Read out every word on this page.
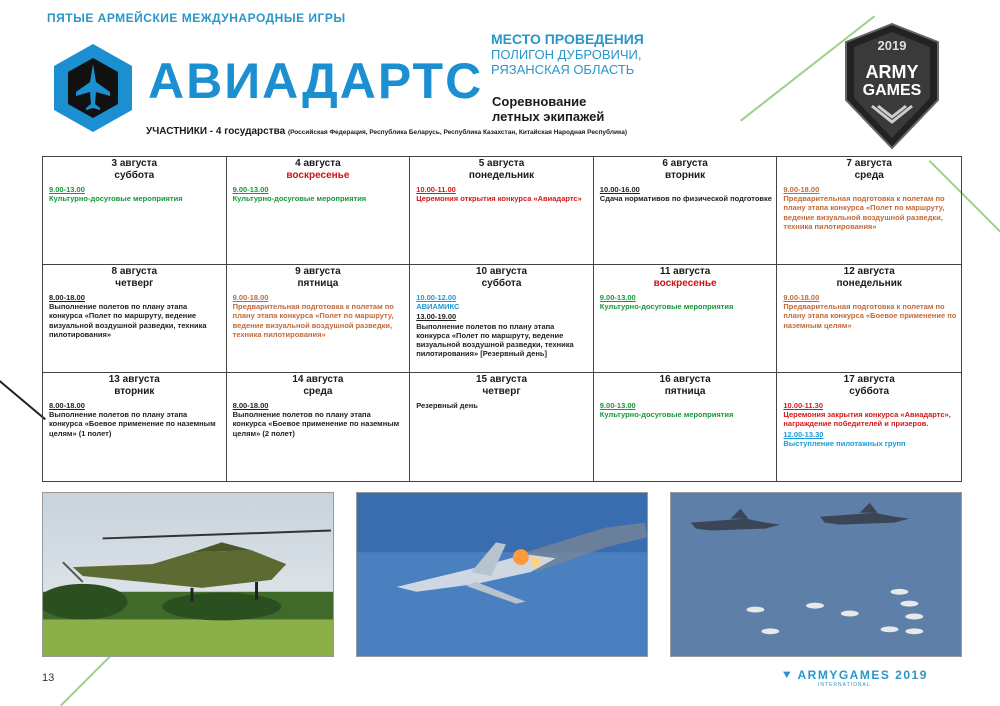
ПЯТЫЕ АРМЕЙСКИЕ МЕЖДУНАРОДНЫЕ ИГРЫ
АВИАДАРТС
МЕСТО ПРОВЕДЕНИЯ
ПОЛИГОН ДУБРОВИЧИ,
РЯЗАНСКАЯ ОБЛАСТЬ
Соревнование
летных экипажей
УЧАСТНИКИ - 4 государства (Российская Федерация, Республика Беларусь, Республика Казахстан, Китайская Народная Республика)
2019
ARMY
GAMES
3 августа
суббота
9.00-13.00
Культурно-досуговые мероприятия
4 августа
воскресенье
9.00-13.00
Культурно-досуговые мероприятия
5 августа
понедельник
10.00-11.00
Церемония открытия конкурса «Авиадартс»
6 августа
вторник
10.00-16.00
Сдача нормативов по физической подготовке
7 августа
среда
9.00-18.00
Предварительная подготовка к полетам по плану этапа конкурса «Полет по маршруту, ведение визуальной воздушной разведки, техника пилотирования»
8 августа
четверг
8.00-18.00
Выполнение полетов по плану этапа конкурса «Полет по маршруту, ведение визуальной воздушной разведки, техника пилотирования»
9 августа
пятница
9.00-18.00
Предварительная подготовка к полетам по плану этапа конкурса «Полет по маршруту, ведение визуальной воздушной разведки, техника пилотирования»
10 августа
суббота
10.00-12.00
АВИАМИКС
13.00-19.00
Выполнение полетов по плану этапа конкурса «Полет по маршруту, ведение визуальной воздушной разведки, техника пилотирования» [Резервный день]
11 августа
воскресенье
9.00-13.00
Культурно-досуговые мероприятия
12 августа
понедельник
9.00-18.00
Предварительная подготовка к полетам по плану этапа конкурса «Боевое применение по наземным целям»
13 августа
вторник
8.00-18.00
Выполнение полетов по плану этапа конкурса «Боевое применение по наземным целям» (1 полет)
14 августа
среда
8.00-18.00
Выполнение полетов по плану этапа конкурса «Боевое применение по наземным целям» (2 полет)
15 августа
четверг
Резервный день
16 августа
пятница
9.00-13.00
Культурно-досуговые мероприятия
17 августа
суббота
10.00-11.30
Церемония закрытия конкурса «Авиадартс», награждение победителей и призеров.
12.00-13.30
Выступление пилотажных групп
13	⯆ ARMYGAMES 2019
INTERNATIONAL
